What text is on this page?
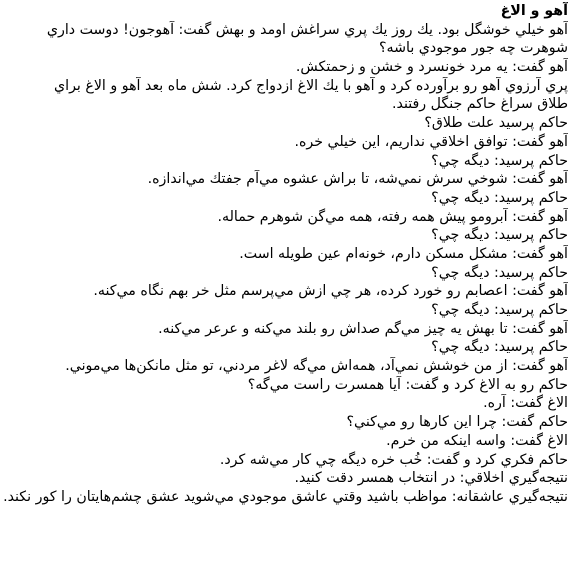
آهو و الاغ
آهو خيلي خوشگل بود. يك روز يك پري سراغش اومد و بهش گفت: آهوجون! دوست داري
شوهرت چه جور موجودي باشه؟
آهو گفت: يه مرد خونسرد و خشن و زحمتكش.
پري آرزوي آهو رو برآورده كرد و آهو با يك الاغ ازدواج كرد. شش ماه بعد آهو و الاغ براي
طلاق سراغ حاكم جنگل رفتند.
حاكم پرسيد علت طلاق؟
آهو گفت: توافق اخلاقي نداريم، اين خيلي خره.
حاكم پرسيد: ديگه چي؟
آهو گفت: شوخي سرش نمي‌شه، تا براش عشوه مي‌آم جفتك مي‌اندازه.
حاكم پرسيد: ديگه چي؟
آهو گفت: آبرومو پيش همه رفته، همه مي‌گن شوهرم حماله.
حاكم پرسيد: ديگه چي؟
آهو گفت: مشكل مسكن دارم، خونه‌ام عين طويله است.
حاكم پرسيد: ديگه چي؟
آهو گفت: اعصابم رو خورد كرده، هر چي ازش مي‌پرسم مثل خر بهم نگاه مي‌كنه.
حاكم پرسيد: ديگه چي؟
آهو گفت: تا بهش يه چيز مي‌گم صداش رو بلند مي‌كنه و عرعر مي‌كنه.
حاكم پرسيد: ديگه چي؟
آهو گفت: از من خوشش نمي‌آد، همه‌اش مي‌گه لاغر مردني، تو مثل مانكن‌ها مي‌موني.
حاكم رو به الاغ كرد و گفت: آيا همسرت راست مي‌گه؟
الاغ گفت: آره.
حاكم گفت: چرا اين كارها رو مي‌كني؟
الاغ گفت: واسه اينكه من خرم.
حاكم فكري كرد و گفت: خُب خره ديگه چي كار مي‌شه كرد.
نتيجه‌گيري اخلاقي: در انتخاب همسر دقت كنيد.
نتيجه‌گيري عاشقانه: مواظب باشيد وقتي عاشق موجودي مي‌شويد عشق چشم‌هايتان را كور نكند.
